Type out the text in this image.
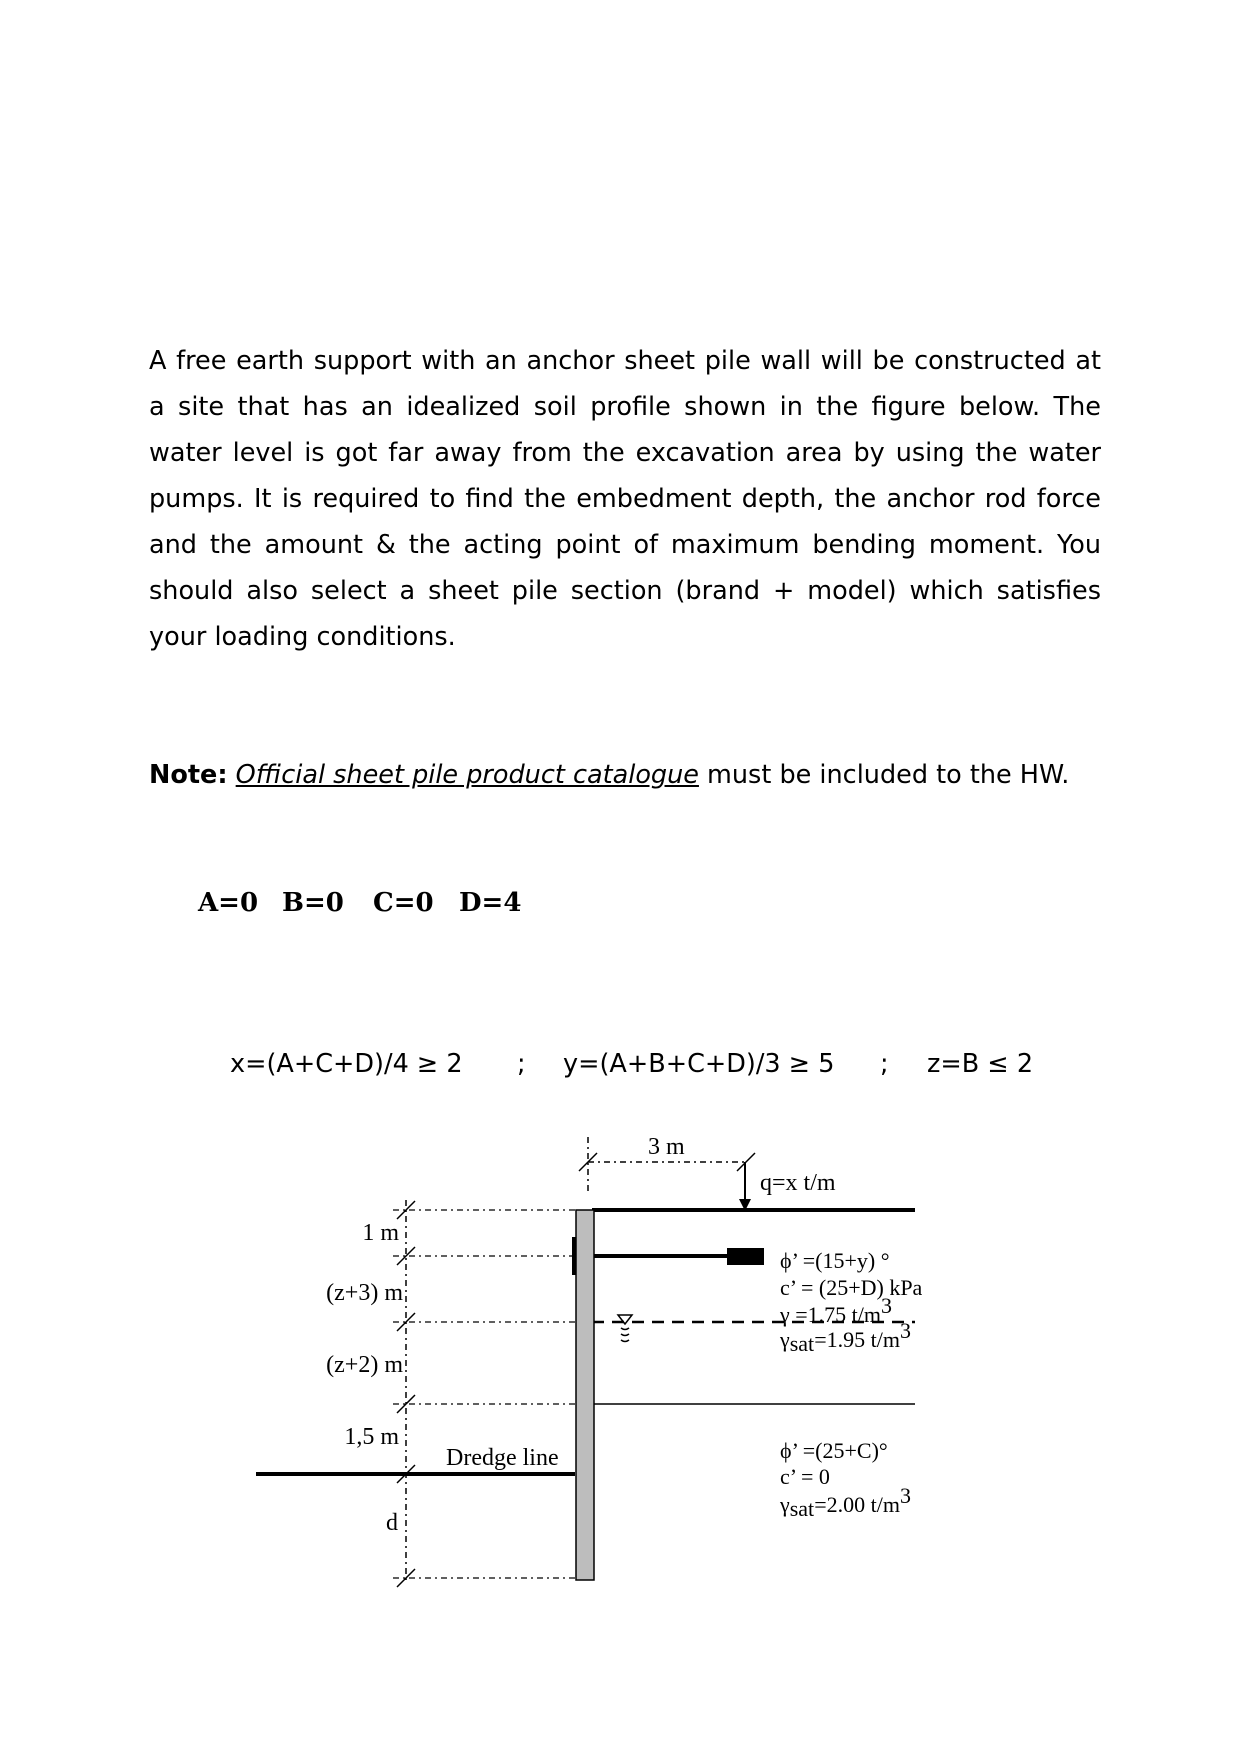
A free earth support with an anchor sheet pile wall will be constructed at a site that has an idealized soil profile shown in the figure below. The water level is got far away from the excavation area by using the water pumps. It is required to find the embedment depth, the anchor rod force and the amount & the acting point of maximum bending moment. You should also select a sheet pile section (brand + model) which satisfies your loading conditions.
Note: Official sheet pile product catalogue must be included to the HW.
A=0 B=0 C=0 D=4
x=(A+C+D)/4 ≥ 2 ; y=(A+B+C+D)/3 ≥ 5 ; z=B ≤ 2
3 m
q=x t/m
Dredge line
1 m
(z+3) m
(z+2) m
1,5 m
d
ϕ’ =(15+y) °
c’ = (25+D) kPa
γ =1.75 t/m3
γsat=1.95 t/m3
ϕ’ =(25+C)°
c’ = 0
γsat=2.00 t/m3
